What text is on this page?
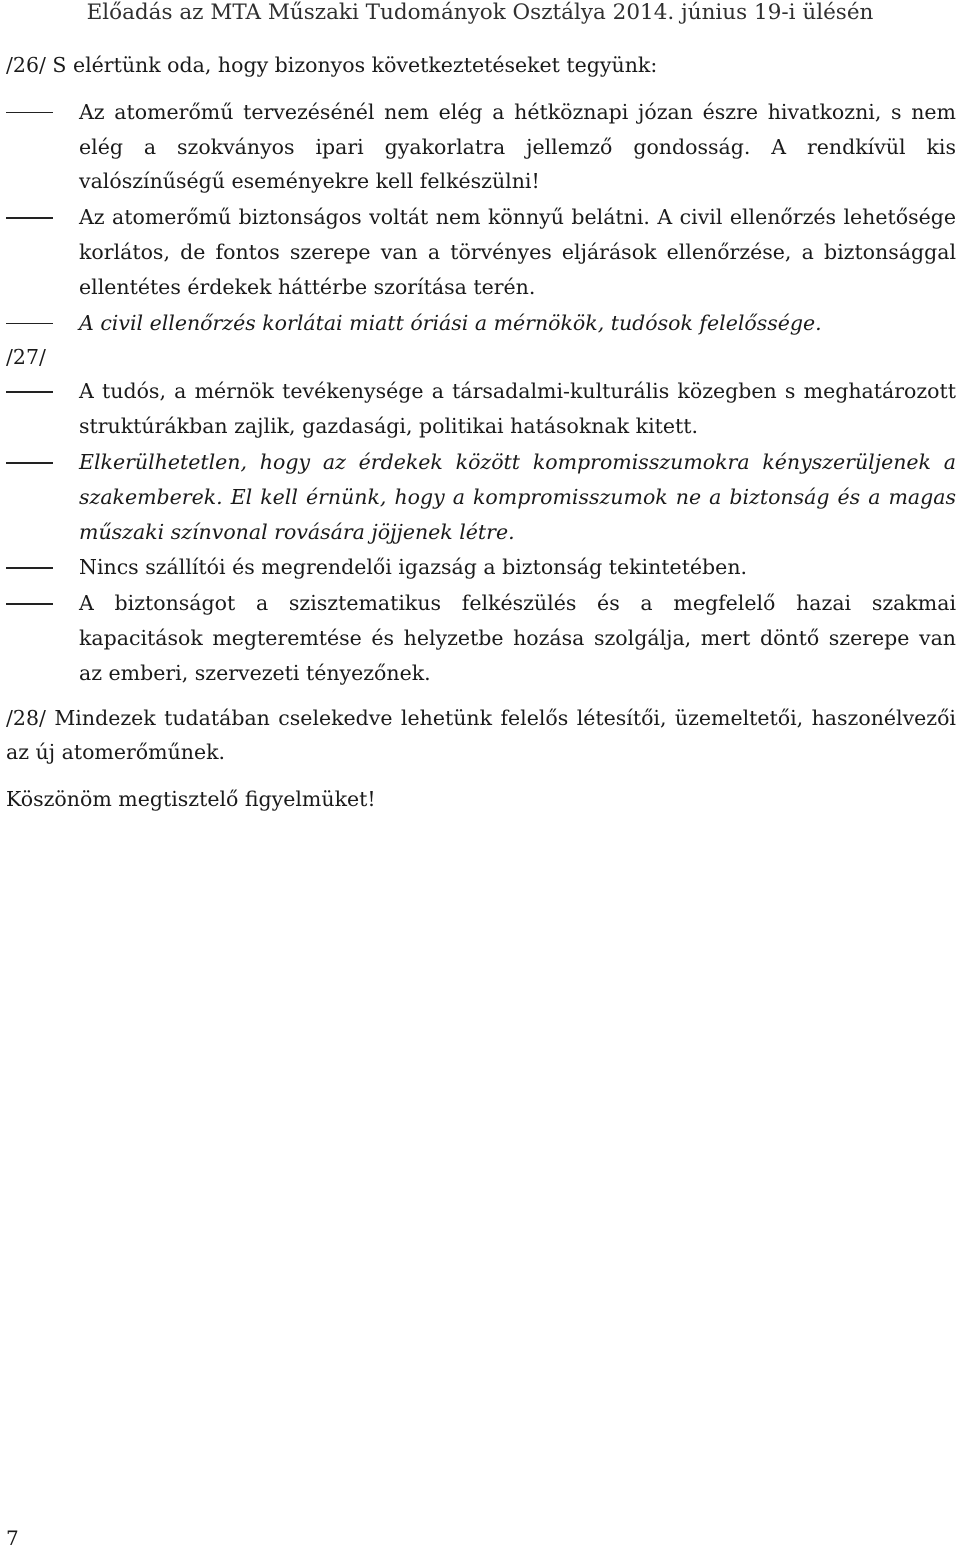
Előadás az MTA Műszaki Tudományok Osztálya 2014. június 19-i ülésén

/26/ S elértünk oda, hogy bizonyos következtetéseket tegyünk:

Az atomerőmű tervezésénél nem elég a hétköznapi józan észre hivatkozni, s nem elég a szokványos ipari gyakorlatra jellemző gondosság. A rendkívül kis valószínűségű eseményekre kell felkészülni!
Az atomerőmű biztonságos voltát nem könnyű belátni. A civil ellenőrzés lehetősége korlátos, de fontos szerepe van a törvényes eljárások ellenőrzése, a biztonsággal ellentétes érdekek háttérbe szorítása terén.
A civil ellenőrzés korlátai miatt óriási a mérnökök, tudósok felelőssége.

/27/

A tudós, a mérnök tevékenysége a társadalmi-kulturális közegben s meghatározott struktúrákban zajlik, gazdasági, politikai hatásoknak kitett.
Elkerülhetetlen, hogy az érdekek között kompromisszumokra kényszerüljenek a szakemberek. El kell érnünk, hogy a kompromisszumok ne a biztonság és a magas műszaki színvonal rovására jöjjenek létre.
Nincs szállítói és megrendelői igazság a biztonság tekintetében.
A biztonságot a szisztematikus felkészülés és a megfelelő hazai szakmai kapacitások megteremtése és helyzetbe hozása szolgálja, mert döntő szerepe van az emberi, szervezeti tényezőnek.

/28/ Mindezek tudatában cselekedve lehetünk felelős létesítői, üzemeltetői, haszonélvezői az új atomerőműnek.

Köszönöm megtisztelő figyelmüket!

7
